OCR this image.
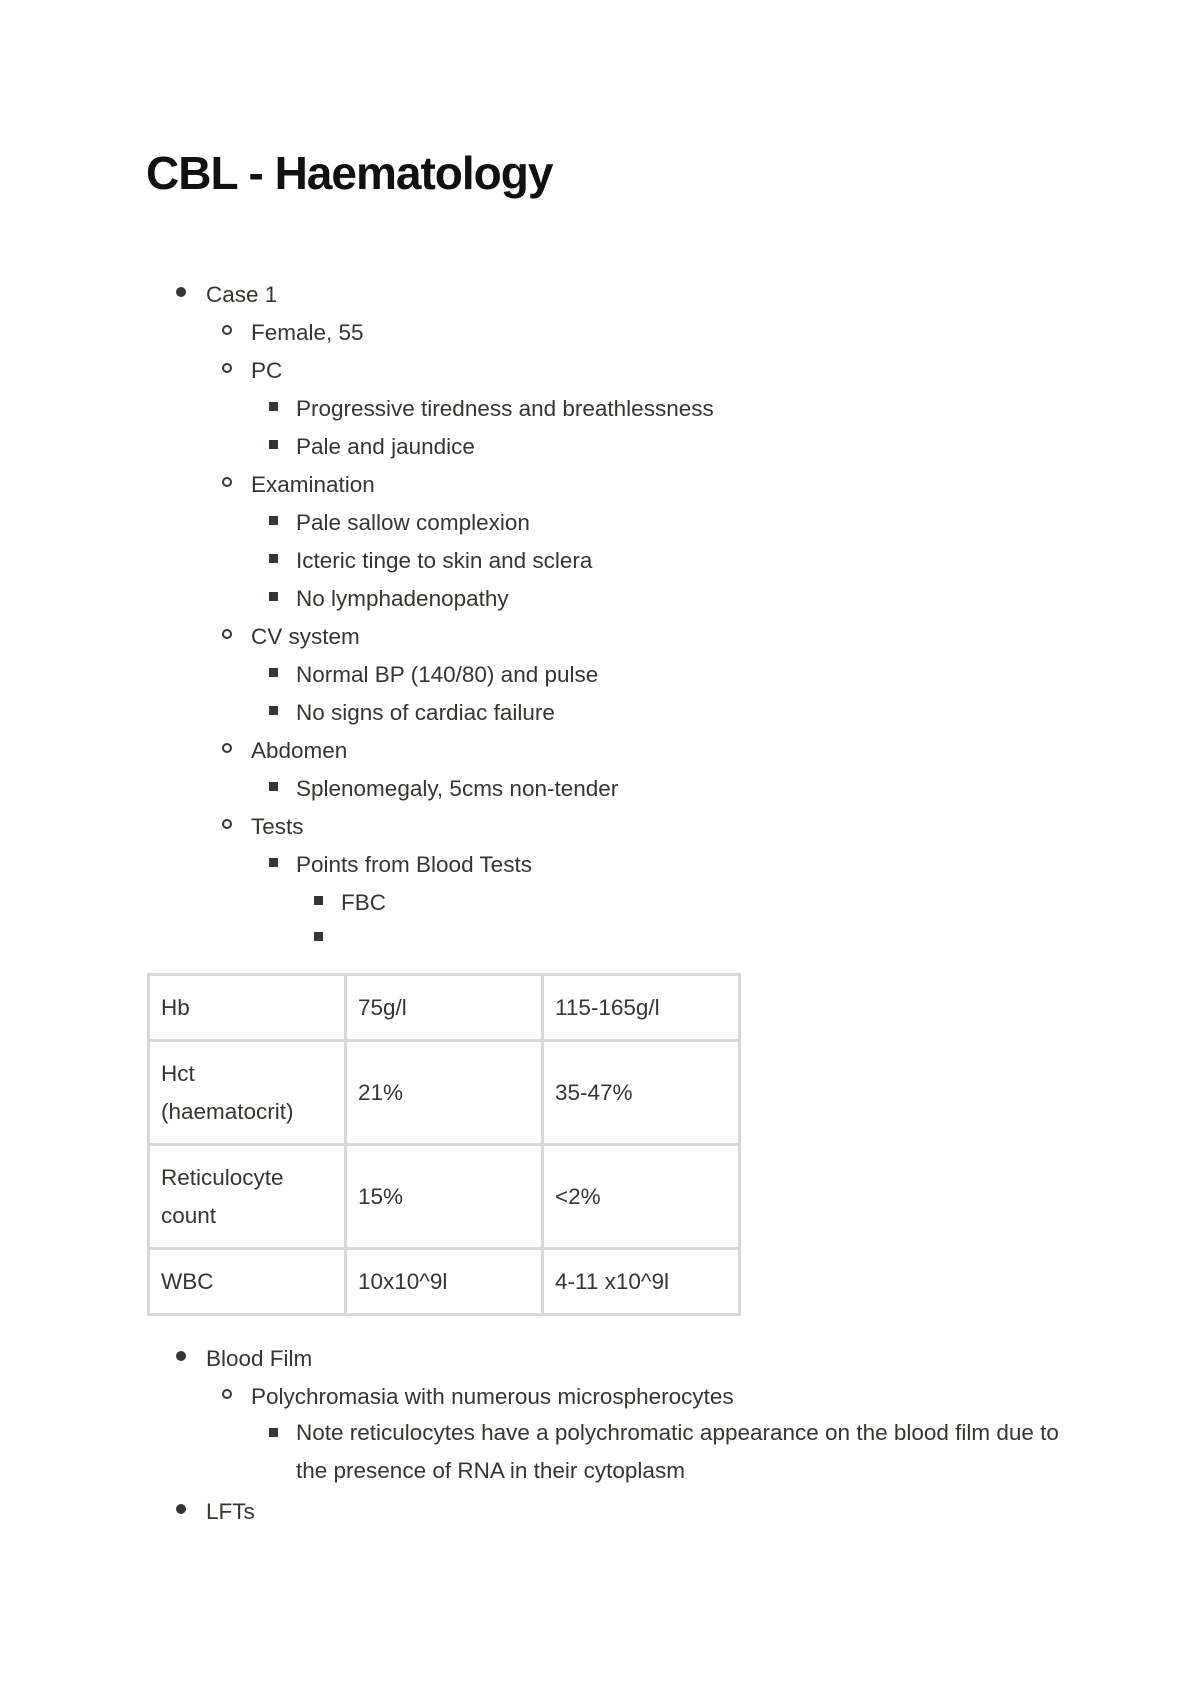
CBL - Haematology
Case 1
Female, 55
PC
Progressive tiredness and breathlessness
Pale and jaundice
Examination
Pale sallow complexion
Icteric tinge to skin and sclera
No lymphadenopathy
CV system
Normal BP (140/80) and pulse
No signs of cardiac failure
Abdomen
Splenomegaly, 5cms non-tender
Tests
Points from Blood Tests
FBC
Hb	75g/l	115-165g/l
Hct (haematocrit)	21%	35-47%
Reticulocyte count	15%	<2%
WBC	10x10^9l	4-11 x10^9l
Blood Film
Polychromasia with numerous microspherocytes
Note reticulocytes have a polychromatic appearance on the blood film due to the presence of RNA in their cytoplasm
LFTs
